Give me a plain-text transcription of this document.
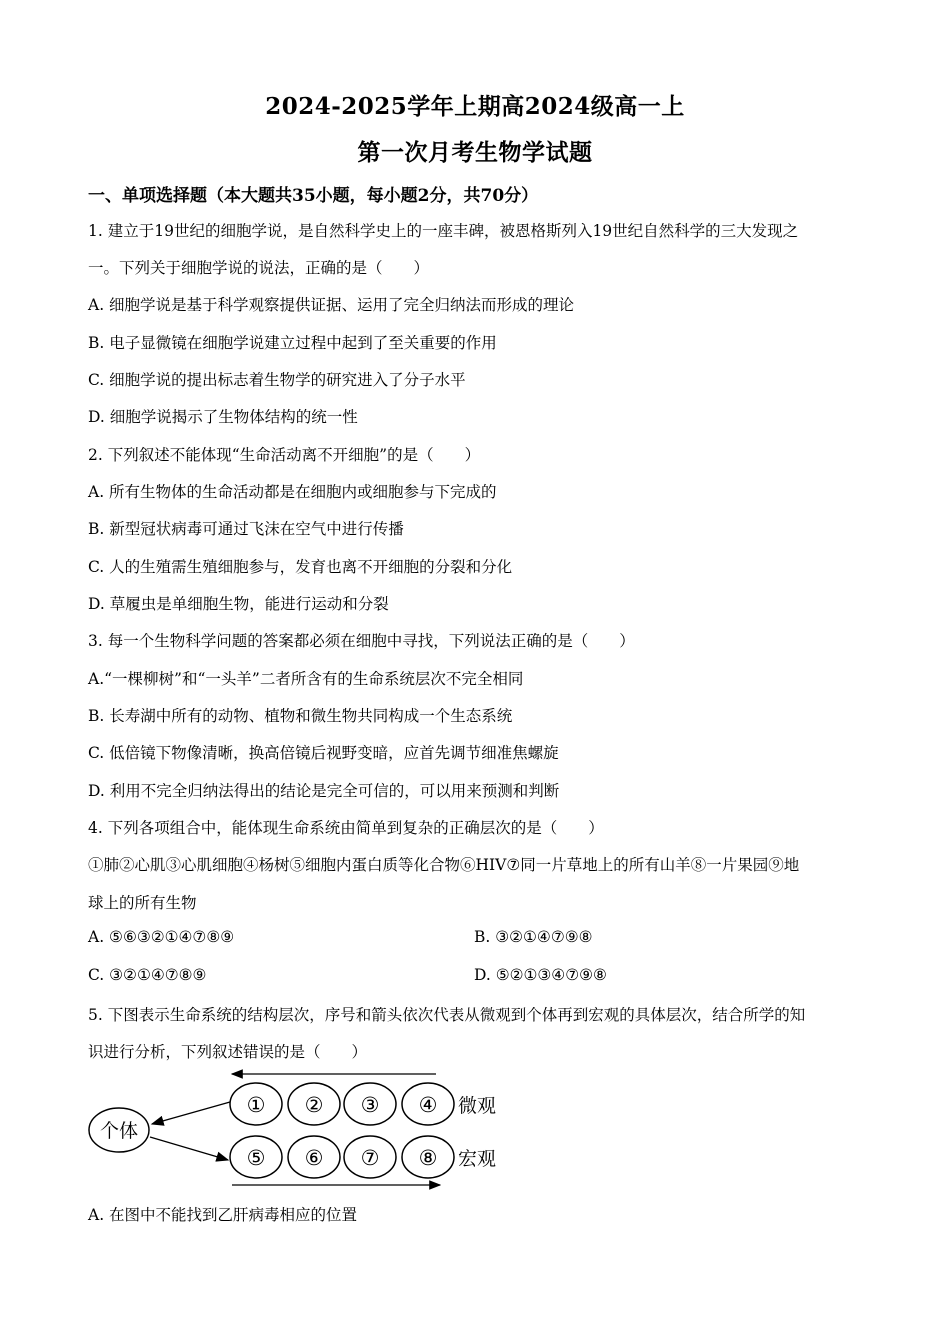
2024-2025学年上期高2024级高一上
第一次月考生物学试题
一、单项选择题（本大题共35小题，每小题2分，共70分）
1. 建立于19世纪的细胞学说，是自然科学史上的一座丰碑，被恩格斯列入19世纪自然科学的三大发现之
一。下列关于细胞学说的说法，正确的是（　　）
A. 细胞学说是基于科学观察提供证据、运用了完全归纳法而形成的理论
B. 电子显微镜在细胞学说建立过程中起到了至关重要的作用
C. 细胞学说的提出标志着生物学的研究进入了分子水平
D. 细胞学说揭示了生物体结构的统一性
2. 下列叙述不能体现“生命活动离不开细胞”的是（　　）
A. 所有生物体的生命活动都是在细胞内或细胞参与下完成的
B. 新型冠状病毒可通过飞沫在空气中进行传播
C. 人的生殖需生殖细胞参与，发育也离不开细胞的分裂和分化
D. 草履虫是单细胞生物，能进行运动和分裂
3. 每一个生物科学问题的答案都必须在细胞中寻找，下列说法正确的是（　　）
A.“一棵柳树”和“一头羊”二者所含有的生命系统层次不完全相同
B. 长寿湖中所有的动物、植物和微生物共同构成一个生态系统
C. 低倍镜下物像清晰，换高倍镜后视野变暗，应首先调节细准焦螺旋
D. 利用不完全归纳法得出的结论是完全可信的，可以用来预测和判断
4. 下列各项组合中，能体现生命系统由简单到复杂的正确层次的是（　　）
①肺②心肌③心肌细胞④杨树⑤细胞内蛋白质等化合物⑥HIV⑦同一片草地上的所有山羊⑧一片果园⑨地
球上的所有生物
A. ⑤⑥③②①④⑦⑧⑨	B. ③②①④⑦⑨⑧
C. ③②①④⑦⑧⑨	D. ⑤②①③④⑦⑨⑧
5. 下图表示生命系统的结构层次，序号和箭头依次代表从微观到个体再到宏观的具体层次，结合所学的知
识进行分析，下列叙述错误的是（　　）
个体
① ② ③ ④ 微观
⑤ ⑥ ⑦ ⑧ 宏观
A. 在图中不能找到乙肝病毒相应的位置
